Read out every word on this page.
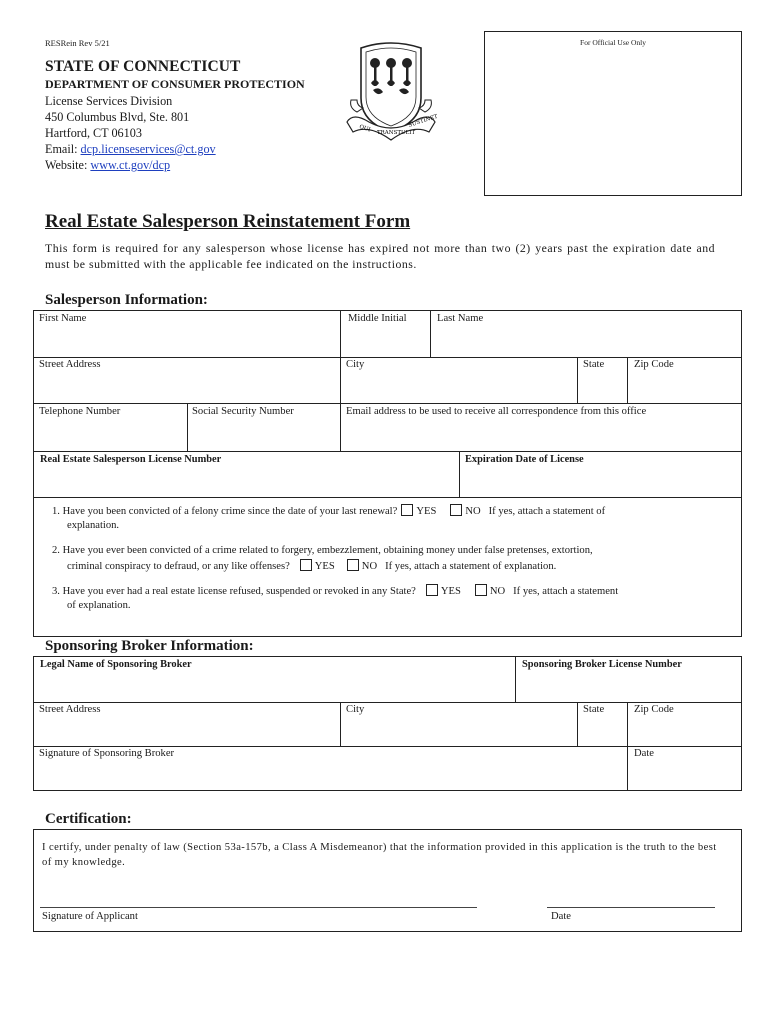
RESRein Rev 5/21	For Official Use Only
STATE OF CONNECTICUT
DEPARTMENT OF CONSUMER PROTECTION
License Services Division
450 Columbus Blvd, Ste. 801
Hartford, CT 06103
Email: dcp.licenseservices@ct.gov
Website: www.ct.gov/dcp
QUI TRANSTULIT
SUSTINET
Real Estate Salesperson Reinstatement Form
This form is required for any salesperson whose license has expired not more than two (2) years past the expiration date and must be submitted with the applicable fee indicated on the instructions.
Salesperson Information:
First Name	Middle Initial	Last Name
Street Address	City	State	Zip Code
Telephone Number	Social Security Number	Email address to be used to receive all correspondence from this office
Real Estate Salesperson License Number	Expiration Date of License
1. Have you been convicted of a felony crime since the date of your last renewal? YES	NO If yes, attach a statement of
explanation.
2. Have you ever been convicted of a crime related to forgery, embezzlement, obtaining money under false pretenses, extortion,
criminal conspiracy to defraud, or any like offenses? YES	NO If yes, attach a statement of explanation.
3. Have you ever had a real estate license refused, suspended or revoked in any State? YES	NO If yes, attach a statement
of explanation.
Sponsoring Broker Information:
Legal Name of Sponsoring Broker	Sponsoring Broker License Number
Street Address	City	State	Zip Code
Signature of Sponsoring Broker	Date
Certification:
I certify, under penalty of law (Section 53a-157b, a Class A Misdemeanor) that the information provided in this application is the truth to the best of my knowledge.
Signature of Applicant	Date
